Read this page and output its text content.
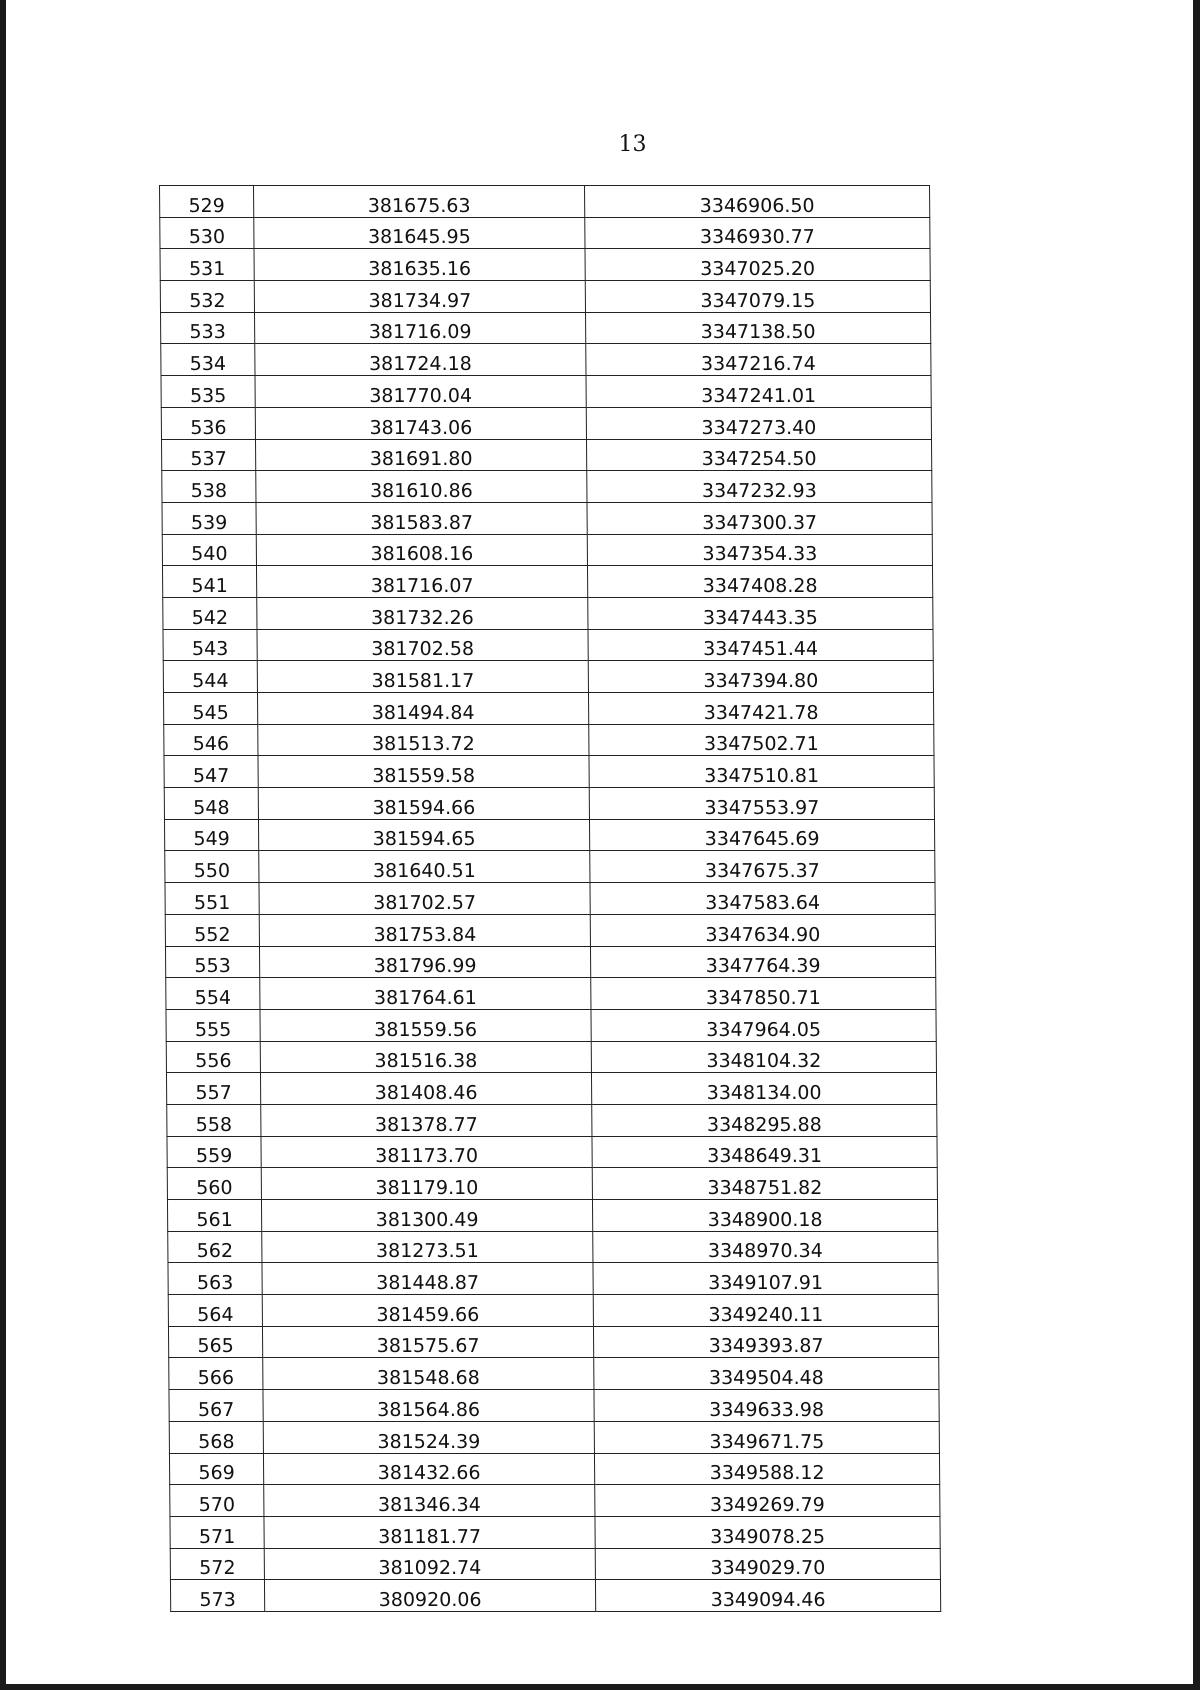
13
529	381675.63	3346906.50
530	381645.95	3346930.77
531	381635.16	3347025.20
532	381734.97	3347079.15
533	381716.09	3347138.50
534	381724.18	3347216.74
535	381770.04	3347241.01
536	381743.06	3347273.40
537	381691.80	3347254.50
538	381610.86	3347232.93
539	381583.87	3347300.37
540	381608.16	3347354.33
541	381716.07	3347408.28
542	381732.26	3347443.35
543	381702.58	3347451.44
544	381581.17	3347394.80
545	381494.84	3347421.78
546	381513.72	3347502.71
547	381559.58	3347510.81
548	381594.66	3347553.97
549	381594.65	3347645.69
550	381640.51	3347675.37
551	381702.57	3347583.64
552	381753.84	3347634.90
553	381796.99	3347764.39
554	381764.61	3347850.71
555	381559.56	3347964.05
556	381516.38	3348104.32
557	381408.46	3348134.00
558	381378.77	3348295.88
559	381173.70	3348649.31
560	381179.10	3348751.82
561	381300.49	3348900.18
562	381273.51	3348970.34
563	381448.87	3349107.91
564	381459.66	3349240.11
565	381575.67	3349393.87
566	381548.68	3349504.48
567	381564.86	3349633.98
568	381524.39	3349671.75
569	381432.66	3349588.12
570	381346.34	3349269.79
571	381181.77	3349078.25
572	381092.74	3349029.70
573	380920.06	3349094.46
